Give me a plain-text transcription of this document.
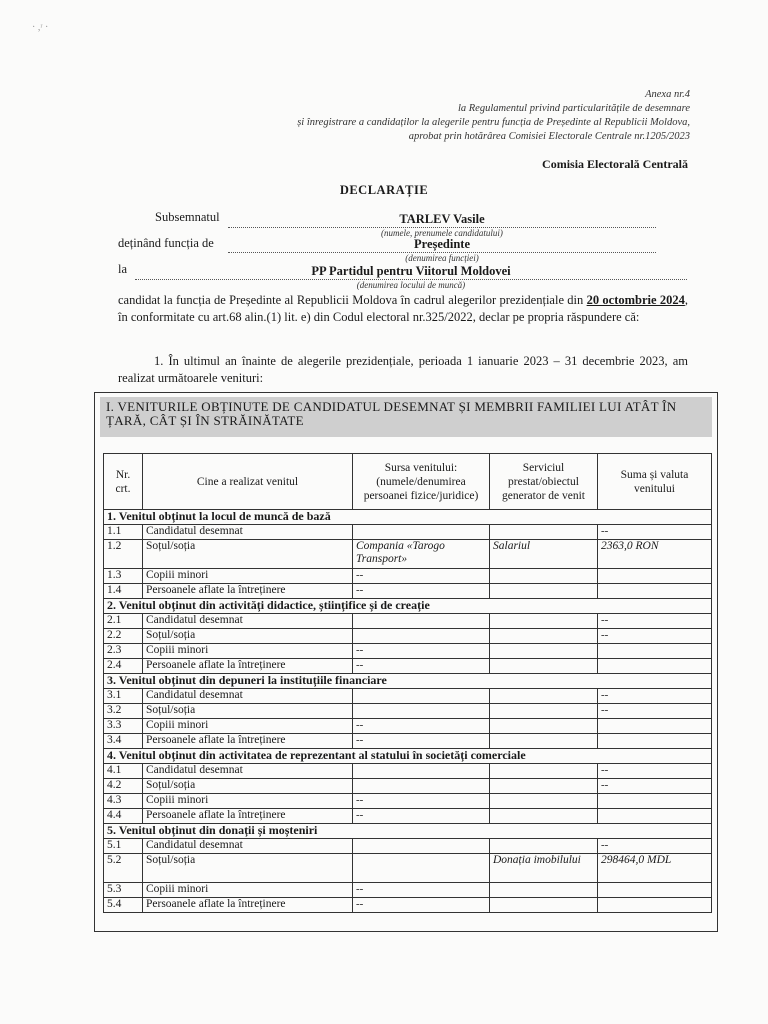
· ,ʳ ·
Anexa nr.4
la Regulamentul privind particularitățile de desemnare
și înregistrare a candidaților la alegerile pentru funcția de Președinte al Republicii Moldova,
aprobat prin hotărârea Comisiei Electorale Centrale nr.1205/2023
Comisia Electorală Centrală
DECLARAȚIE
Subsemnatul	TARLEV Vasile
(numele, prenumele candidatului)
deținând funcția de	Președinte
(denumirea funcției)
la	PP Partidul pentru Viitorul Moldovei
(denumirea locului de muncă)
candidat la funcția de Președinte al Republicii Moldova în cadrul alegerilor prezidențiale din 20 octombrie 2024, în conformitate cu art.68 alin.(1) lit. e) din Codul electoral nr.325/2022, declar pe propria răspundere că:
1. În ultimul an înainte de alegerile prezidențiale, perioada 1 ianuarie 2023 – 31 decembrie 2023, am realizat următoarele venituri:
I. VENITURILE OBȚINUTE DE CANDIDATUL DESEMNAT ȘI MEMBRII FAMILIEI LUI ATÂT ÎN ȚARĂ, CÂT ȘI ÎN STRĂINĂTATE
Nr. crt.	Cine a realizat venitul	Sursa venitului: (numele/denumirea persoanei fizice/juridice)	Serviciul prestat/obiectul generator de venit	Suma și valuta venitului
1. Venitul obținut la locul de muncă de bază				
1.1	Candidatul desemnat			--
1.2	Soțul/soția	Compania «Tarogo Transport»	Salariul	2363,0 RON
1.3	Copiii minori	--		
1.4	Persoanele aflate la întreținere	--		
2. Venitul obținut din activități didactice, științifice și de creație				
2.1	Candidatul desemnat			--
2.2	Soțul/soția			--
2.3	Copiii minori	--		
2.4	Persoanele aflate la întreținere	--		
3. Venitul obținut din depuneri la instituțiile financiare				
3.1	Candidatul desemnat			--
3.2	Soțul/soția			--
3.3	Copiii minori	--		
3.4	Persoanele aflate la întreținere	--		
4. Venitul obținut din activitatea de reprezentant al statului în societăți comerciale				
4.1	Candidatul desemnat			--
4.2	Soțul/soția			--
4.3	Copiii minori	--		
4.4	Persoanele aflate la întreținere	--		
5. Venitul obținut din donații și moșteniri				
5.1	Candidatul desemnat			--
5.2	Soțul/soția		Donația imobilului	298464,0 MDL
5.3	Copiii minori	--		
5.4	Persoanele aflate la întreținere	--		
